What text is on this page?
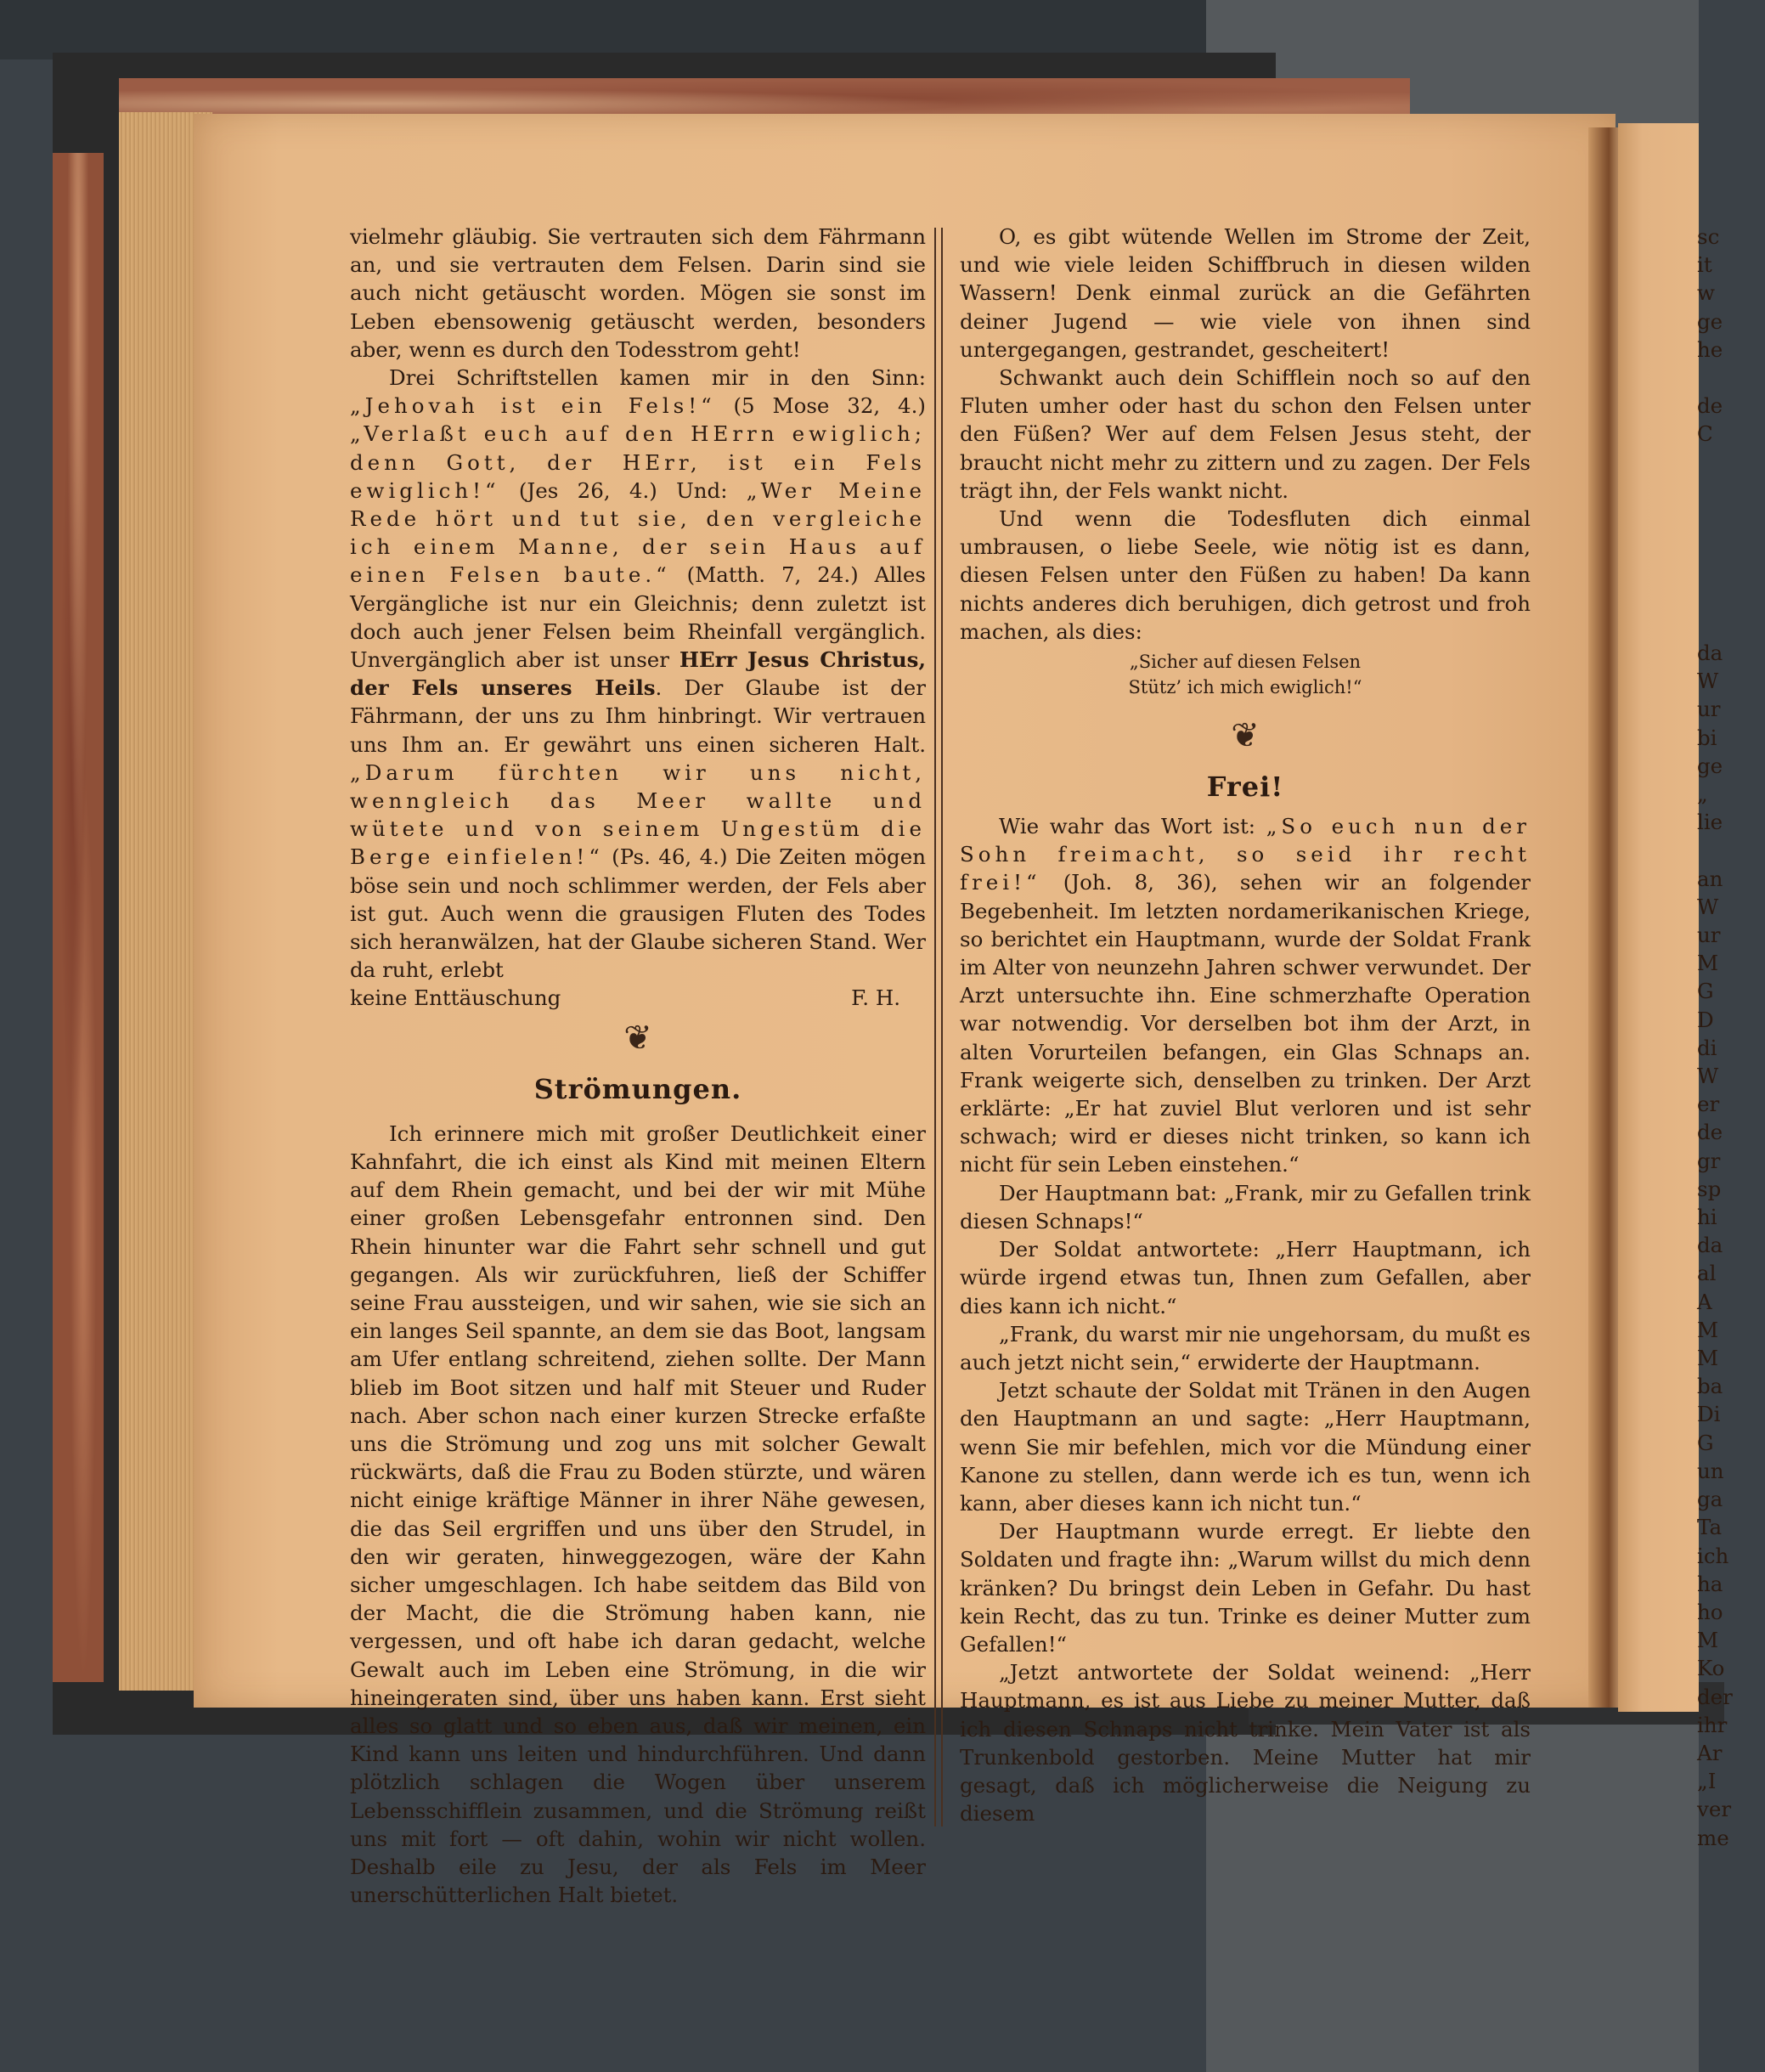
vielmehr gläubig. Sie vertrauten sich dem Fährmann an, und sie vertrauten dem Felsen. Darin sind sie auch nicht getäuscht worden. Mögen sie sonst im Leben ebensowenig getäuscht werden, besonders aber, wenn es durch den Todesstrom geht!

Drei Schriftstellen kamen mir in den Sinn: „Jehovah ist ein Fels!“ (5 Mose 32, 4.) „Verlaßt euch auf den HErrn ewiglich; denn Gott, der HErr, ist ein Fels ewiglich!“ (Jes 26, 4.) Und: „Wer Meine Rede hört und tut sie, den vergleiche ich einem Manne, der sein Haus auf einen Felsen baute.“ (Matth. 7, 24.) Alles Vergängliche ist nur ein Gleichnis; denn zuletzt ist doch auch jener Felsen beim Rheinfall vergänglich. Unvergänglich aber ist unser HErr Jesus Christus, der Fels unseres Heils. Der Glaube ist der Fährmann, der uns zu Ihm hinbringt. Wir vertrauen uns Ihm an. Er gewährt uns einen sicheren Halt. „Darum fürchten wir uns nicht, wenngleich das Meer wallte und wütete und von seinem Ungestüm die Berge einfielen!“ (Ps. 46, 4.) Die Zeiten mögen böse sein und noch schlimmer werden, der Fels aber ist gut. Auch wenn die grausigen Fluten des Todes sich heranwälzen, hat der Glaube sicheren Stand. Wer da ruht, erlebt

keine Enttäuschung	F. H.
❦
Strömungen.

Ich erinnere mich mit großer Deutlichkeit einer Kahnfahrt, die ich einst als Kind mit meinen Eltern auf dem Rhein gemacht, und bei der wir mit Mühe einer großen Lebensgefahr entronnen sind. Den Rhein hinunter war die Fahrt sehr schnell und gut gegangen. Als wir zurückfuhren, ließ der Schiffer seine Frau aussteigen, und wir sahen, wie sie sich an ein langes Seil spannte, an dem sie das Boot, langsam am Ufer entlang schreitend, ziehen sollte. Der Mann blieb im Boot sitzen und half mit Steuer und Ruder nach. Aber schon nach einer kurzen Strecke erfaßte uns die Strömung und zog uns mit solcher Gewalt rückwärts, daß die Frau zu Boden stürzte, und wären nicht einige kräftige Männer in ihrer Nähe gewesen, die das Seil ergriffen und uns über den Strudel, in den wir geraten, hinweggezogen, wäre der Kahn sicher umgeschlagen. Ich habe seitdem das Bild von der Macht, die die Strömung haben kann, nie vergessen, und oft habe ich daran gedacht, welche Gewalt auch im Leben eine Strömung, in die wir hineingeraten sind, über uns haben kann. Erst sieht alles so glatt und so eben aus, daß wir meinen, ein Kind kann uns leiten und hindurchführen. Und dann plötzlich schlagen die Wogen über unserem Lebensschifflein zusammen, und die Strömung reißt uns mit fort — oft dahin, wohin wir nicht wollen. Deshalb eile zu Jesu, der als Fels im Meer unerschütterlichen Halt bietet.

O, es gibt wütende Wellen im Strome der Zeit, und wie viele leiden Schiffbruch in diesen wilden Wassern! Denk einmal zurück an die Gefährten deiner Jugend — wie viele von ihnen sind untergegangen, gestrandet, gescheitert!

Schwankt auch dein Schifflein noch so auf den Fluten umher oder hast du schon den Felsen unter den Füßen? Wer auf dem Felsen Jesus steht, der braucht nicht mehr zu zittern und zu zagen. Der Fels trägt ihn, der Fels wankt nicht.

Und wenn die Todesfluten dich einmal umbrausen, o liebe Seele, wie nötig ist es dann, diesen Felsen unter den Füßen zu haben! Da kann nichts anderes dich beruhigen, dich getrost und froh machen, als dies:

„Sicher auf diesen Felsen
Stütz’ ich mich ewiglich!“
❦
Frei!

Wie wahr das Wort ist: „So euch nun der Sohn freimacht, so seid ihr recht frei!“ (Joh. 8, 36), sehen wir an folgender Begebenheit. Im letzten nordamerikanischen Kriege, so berichtet ein Hauptmann, wurde der Soldat Frank im Alter von neunzehn Jahren schwer verwundet. Der Arzt untersuchte ihn. Eine schmerzhafte Operation war notwendig. Vor derselben bot ihm der Arzt, in alten Vorurteilen befangen, ein Glas Schnaps an. Frank weigerte sich, denselben zu trinken. Der Arzt erklärte: „Er hat zuviel Blut verloren und ist sehr schwach; wird er dieses nicht trinken, so kann ich nicht für sein Leben einstehen.“

Der Hauptmann bat: „Frank, mir zu Gefallen trink diesen Schnaps!“

Der Soldat antwortete: „Herr Hauptmann, ich würde irgend etwas tun, Ihnen zum Gefallen, aber dies kann ich nicht.“

„Frank, du warst mir nie ungehorsam, du mußt es auch jetzt nicht sein,“ erwiderte der Hauptmann.

Jetzt schaute der Soldat mit Tränen in den Augen den Hauptmann an und sagte: „Herr Hauptmann, wenn Sie mir befehlen, mich vor die Mündung einer Kanone zu stellen, dann werde ich es tun, wenn ich kann, aber dieses kann ich nicht tun.“

Der Hauptmann wurde erregt. Er liebte den Soldaten und fragte ihn: „Warum willst du mich denn kränken? Du bringst dein Leben in Gefahr. Du hast kein Recht, das zu tun. Trinke es deiner Mutter zum Gefallen!“

„Jetzt antwortete der Soldat weinend: „Herr Hauptmann, es ist aus Liebe zu meiner Mutter, daß ich diesen Schnaps nicht trinke. Mein Vater ist als Trunkenbold gestorben. Meine Mutter hat mir gesagt, daß ich möglicherweise die Neigung zu diesem

sc
it
w
ge
he

de
C
da
W
ur
bi
ge
„
lie

an
W
ur
M
G
D
di
W
er
de
gr
sp
hi
da
al
A
M
M
ba
Di
G
un
ga
Ta
ich
ha
ho
M
Ko
der
ihr
Ar
„I
ver
me
